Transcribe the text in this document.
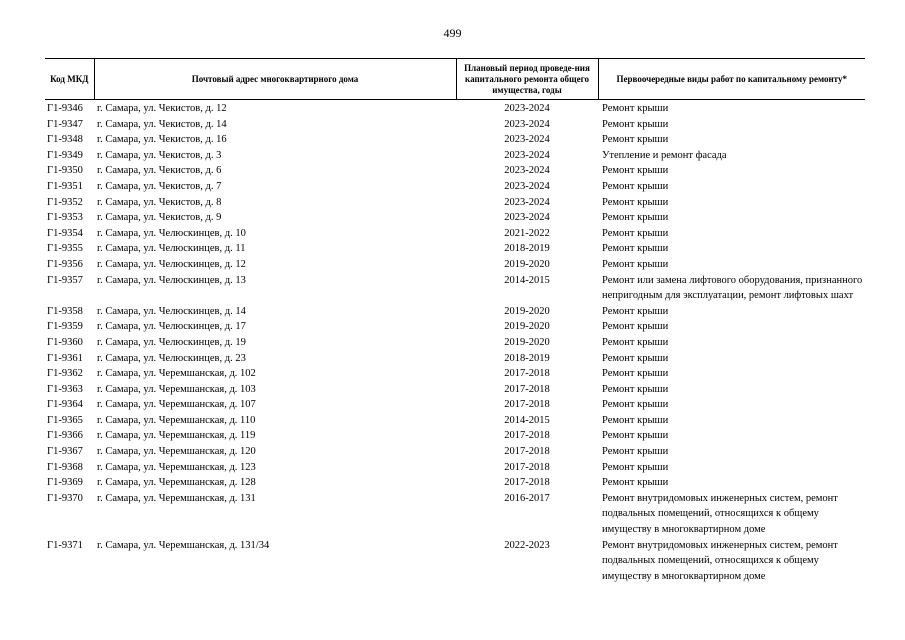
499
Код МКД	Почтовый адрес многоквартирного дома	Плановый период проведе-ния капитального ремонта общего имущества, годы	Первоочередные виды работ по капитальному ремонту*
Г1-9346	г. Самара, ул. Чекистов, д. 12	2023-2024	Ремонт крыши
Г1-9347	г. Самара, ул. Чекистов, д. 14	2023-2024	Ремонт крыши
Г1-9348	г. Самара, ул. Чекистов, д. 16	2023-2024	Ремонт крыши
Г1-9349	г. Самара, ул. Чекистов, д. 3	2023-2024	Утепление и ремонт фасада
Г1-9350	г. Самара, ул. Чекистов, д. 6	2023-2024	Ремонт крыши
Г1-9351	г. Самара, ул. Чекистов, д. 7	2023-2024	Ремонт крыши
Г1-9352	г. Самара, ул. Чекистов, д. 8	2023-2024	Ремонт крыши
Г1-9353	г. Самара, ул. Чекистов, д. 9	2023-2024	Ремонт крыши
Г1-9354	г. Самара, ул. Челюскинцев, д. 10	2021-2022	Ремонт крыши
Г1-9355	г. Самара, ул. Челюскинцев, д. 11	2018-2019	Ремонт крыши
Г1-9356	г. Самара, ул. Челюскинцев, д. 12	2019-2020	Ремонт крыши
Г1-9357	г. Самара, ул. Челюскинцев, д. 13	2014-2015	Ремонт или замена лифтового оборудования, признанного непригодным для эксплуатации, ремонт лифтовых шахт
Г1-9358	г. Самара, ул. Челюскинцев, д. 14	2019-2020	Ремонт крыши
Г1-9359	г. Самара, ул. Челюскинцев, д. 17	2019-2020	Ремонт крыши
Г1-9360	г. Самара, ул. Челюскинцев, д. 19	2019-2020	Ремонт крыши
Г1-9361	г. Самара, ул. Челюскинцев, д. 23	2018-2019	Ремонт крыши
Г1-9362	г. Самара, ул. Черемшанская, д. 102	2017-2018	Ремонт крыши
Г1-9363	г. Самара, ул. Черемшанская, д. 103	2017-2018	Ремонт крыши
Г1-9364	г. Самара, ул. Черемшанская, д. 107	2017-2018	Ремонт крыши
Г1-9365	г. Самара, ул. Черемшанская, д. 110	2014-2015	Ремонт крыши
Г1-9366	г. Самара, ул. Черемшанская, д. 119	2017-2018	Ремонт крыши
Г1-9367	г. Самара, ул. Черемшанская, д. 120	2017-2018	Ремонт крыши
Г1-9368	г. Самара, ул. Черемшанская, д. 123	2017-2018	Ремонт крыши
Г1-9369	г. Самара, ул. Черемшанская, д. 128	2017-2018	Ремонт крыши
Г1-9370	г. Самара, ул. Черемшанская, д. 131	2016-2017	Ремонт внутридомовых инженерных систем, ремонт подвальных помещений, относящихся к общему имуществу в многоквартирном доме
Г1-9371	г. Самара, ул. Черемшанская, д. 131/34	2022-2023	Ремонт внутридомовых инженерных систем, ремонт подвальных помещений, относящихся к общему имуществу в многоквартирном доме
